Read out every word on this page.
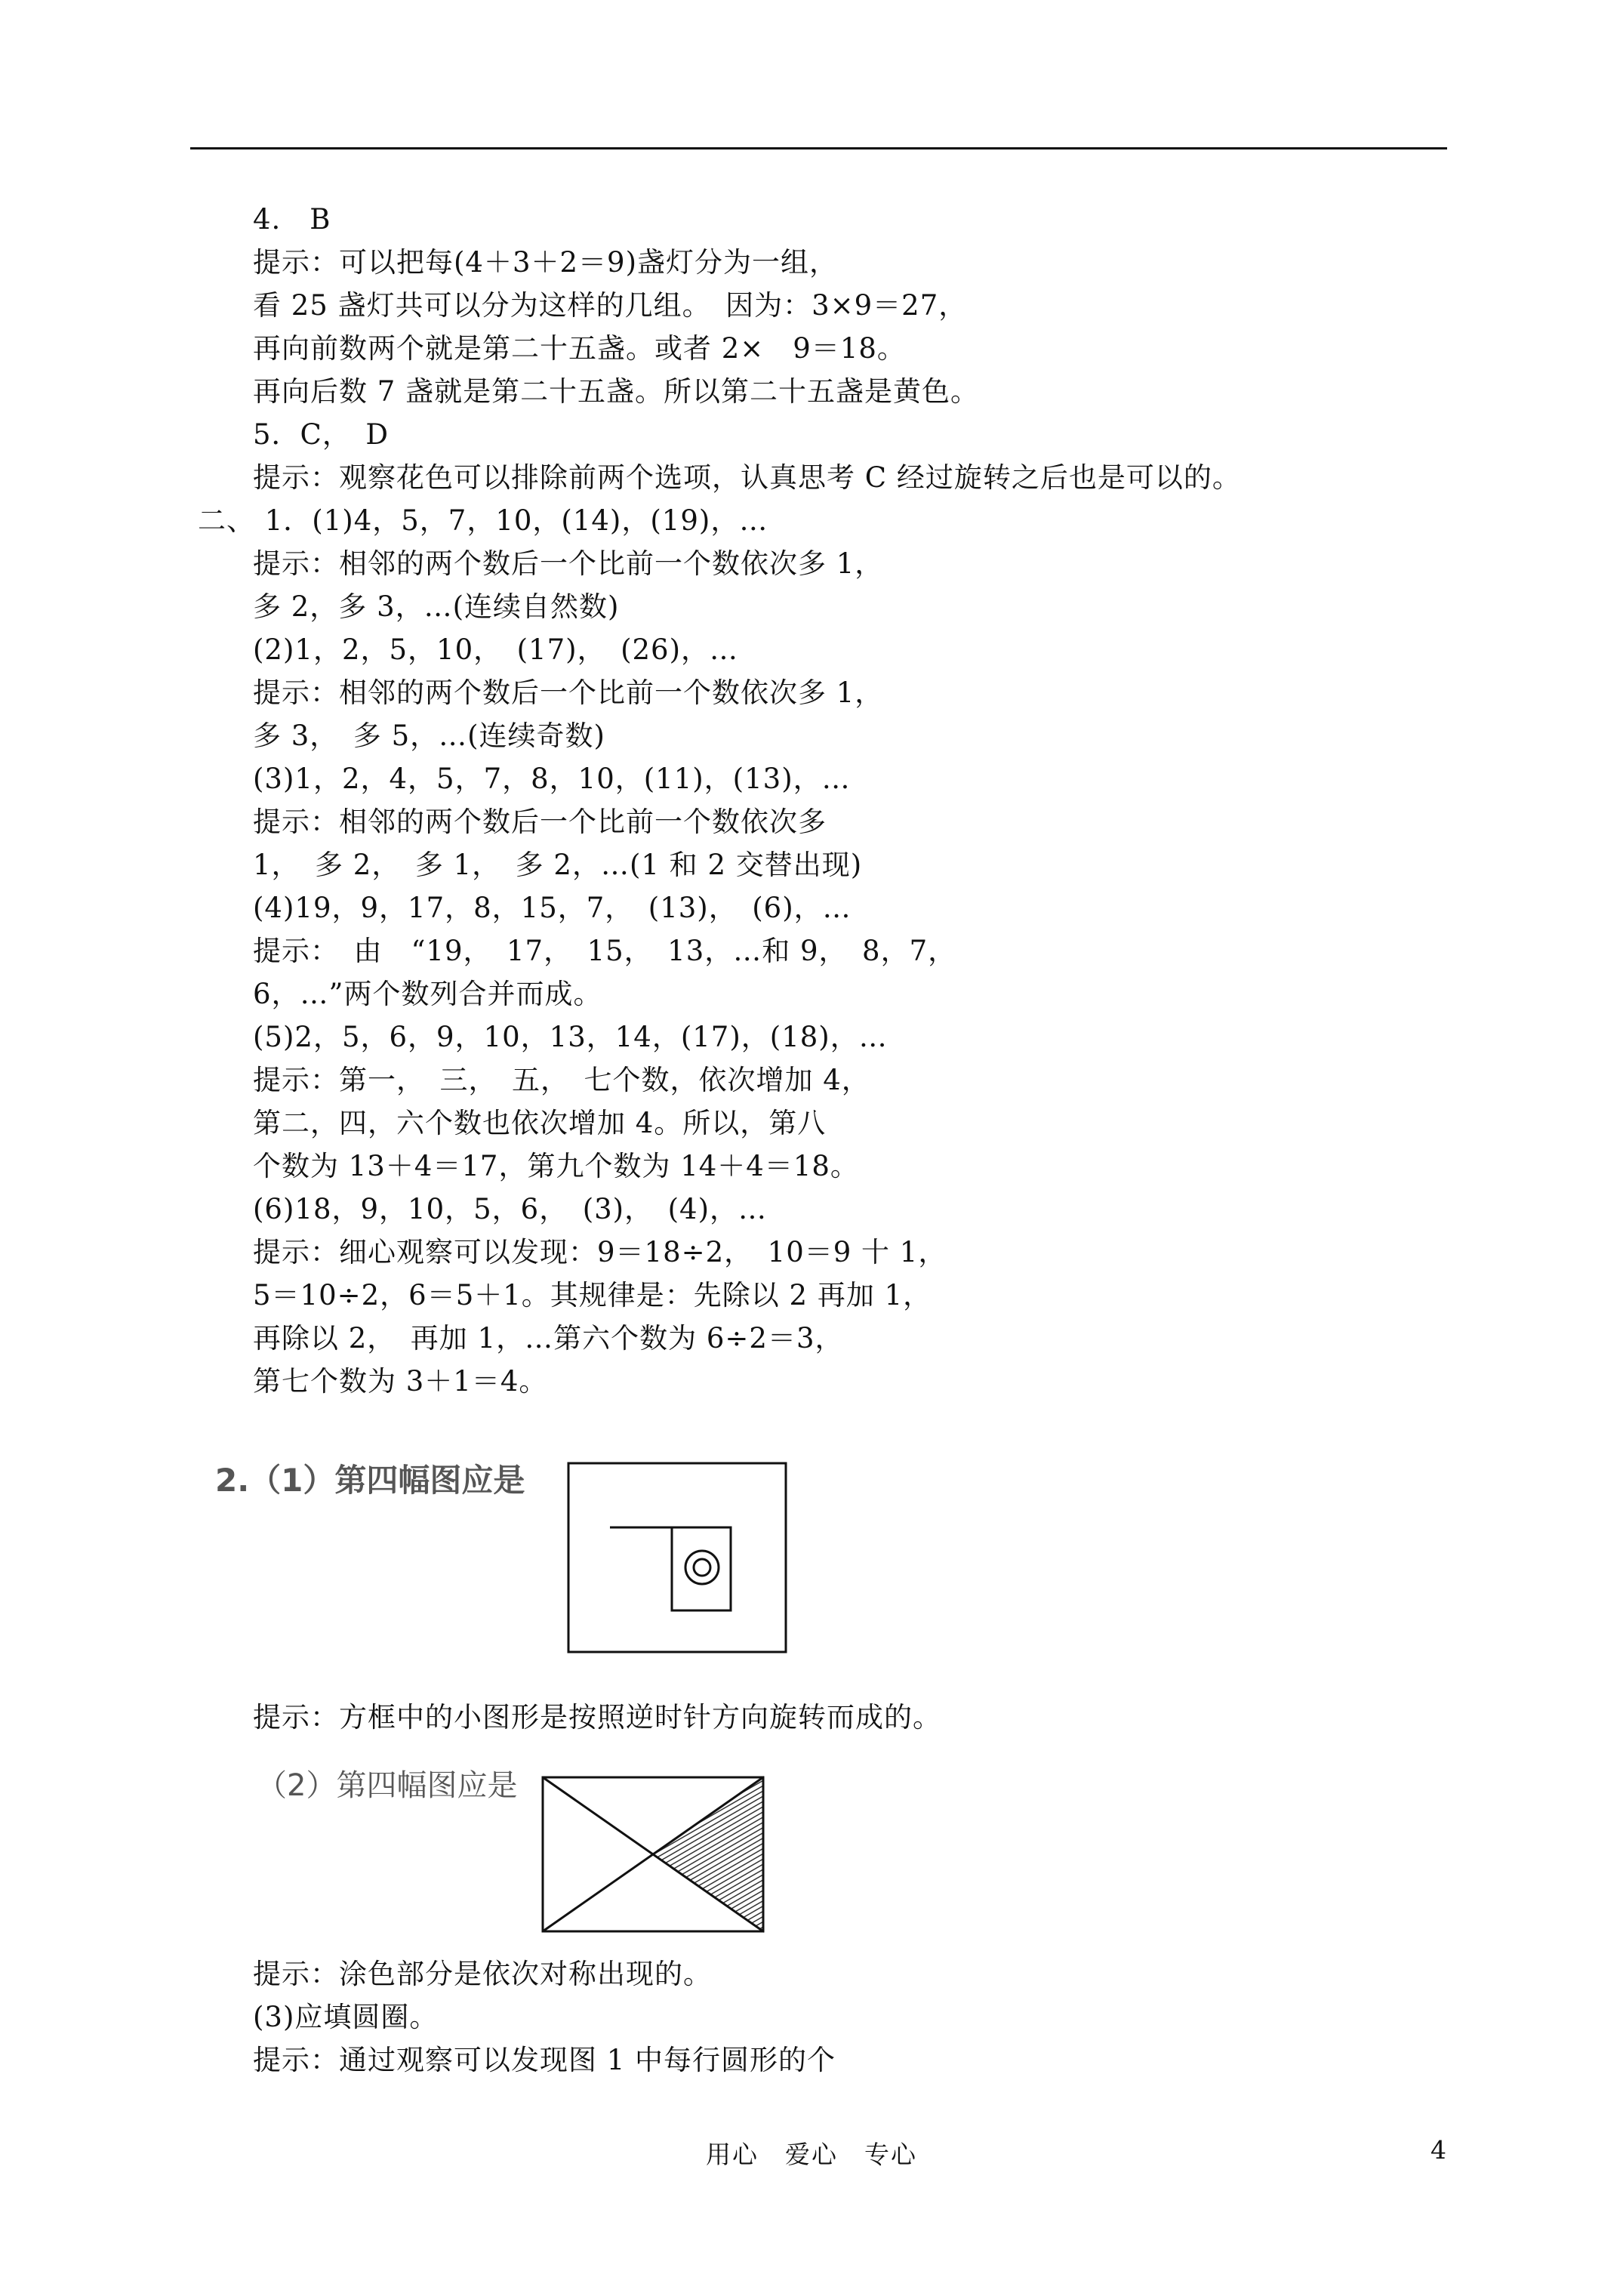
4.　B
提示：可以把每(4＋3＋2＝9)盏灯分为一组，
看 25 盏灯共可以分为这样的几组。　因为：3×9＝27，
再向前数两个就是第二十五盏。或者 2×　9＝18。
再向后数 7 盏就是第二十五盏。所以第二十五盏是黄色。
5．C，　D
提示：观察花色可以排除前两个选项，认真思考 C 经过旋转之后也是可以的。
二、 1．(1)4，5，7，10，(14)，(19)，…
提示：相邻的两个数后一个比前一个数依次多 1，
多 2，多 3，…(连续自然数)
(2)1，2，5，10，　(17)，　(26)，…
提示：相邻的两个数后一个比前一个数依次多 1，
多 3，　多 5，…(连续奇数)
(3)1，2，4，5，7，8，10，(11)，(13)，…
提示：相邻的两个数后一个比前一个数依次多
1，　多 2，　多 1，　多 2，…(1 和 2 交替出现)
(4)19，9，17，8，15，7，　(13)，　(6)，…
提示：　由　“19，　17，　15，　13，…和 9，　8，7，
6，…”两个数列合并而成。
(5)2，5，6，9，10，13，14，(17)，(18)，…
提示：第一，　三，　五，　七个数，依次增加 4，
第二，四，六个数也依次增加 4。所以，第八
个数为 13＋4＝17，第九个数为 14＋4＝18。
(6)18，9，10，5，6，　(3)，　(4)，…
提示：细心观察可以发现：9＝18÷2，　10＝9 十 1，
5＝10÷2，6＝5＋1。其规律是：先除以 2 再加 1，
再除以 2，　再加 1，…第六个数为 6÷2＝3，
第七个数为 3＋1＝4。
2.（1）第四幅图应是
提示：方框中的小图形是按照逆时针方向旋转而成的。
（2）第四幅图应是
提示：涂色部分是依次对称出现的。
(3)应填圆圈。
提示：通过观察可以发现图 1 中每行圆形的个
用心　爱心　专心	4
